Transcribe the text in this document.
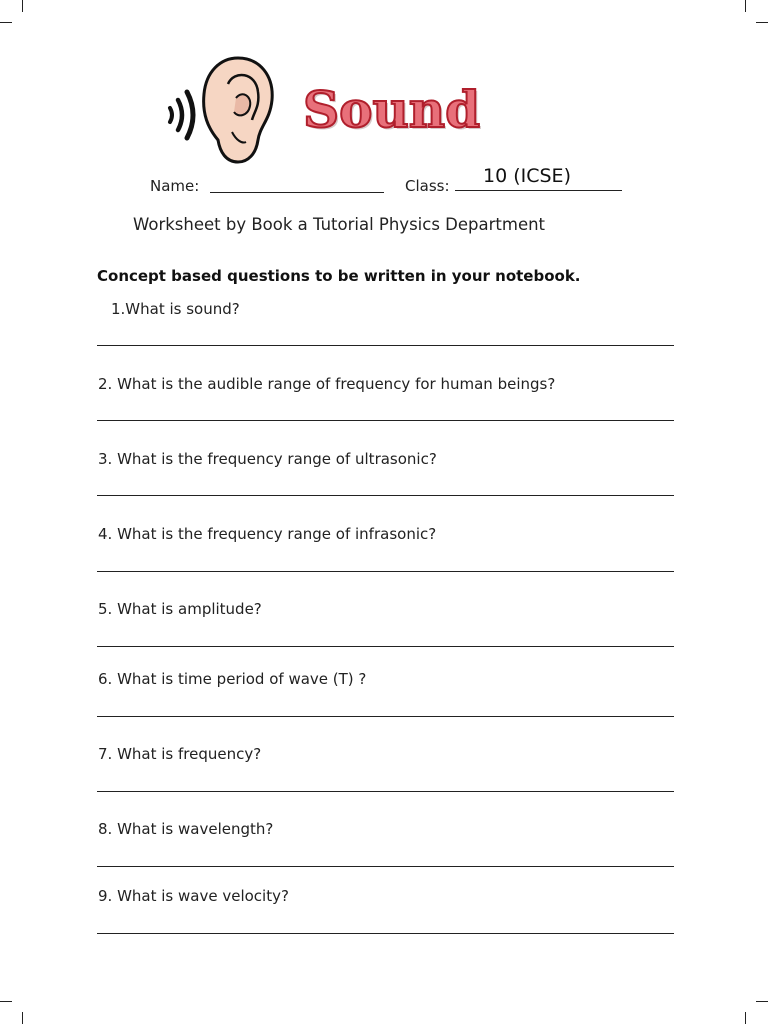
Sound
Name:	Class: 10 (ICSE)
Worksheet by Book a Tutorial Physics Department
Concept based questions to be written in your notebook.
1.What is sound?
2. What is the audible range of frequency for human beings?
3. What is the frequency range of ultrasonic?
4. What is the frequency range of infrasonic?
5. What is amplitude?
6. What is time period of wave (T) ?
7. What is frequency?
8. What is wavelength?
9. What is wave velocity?
